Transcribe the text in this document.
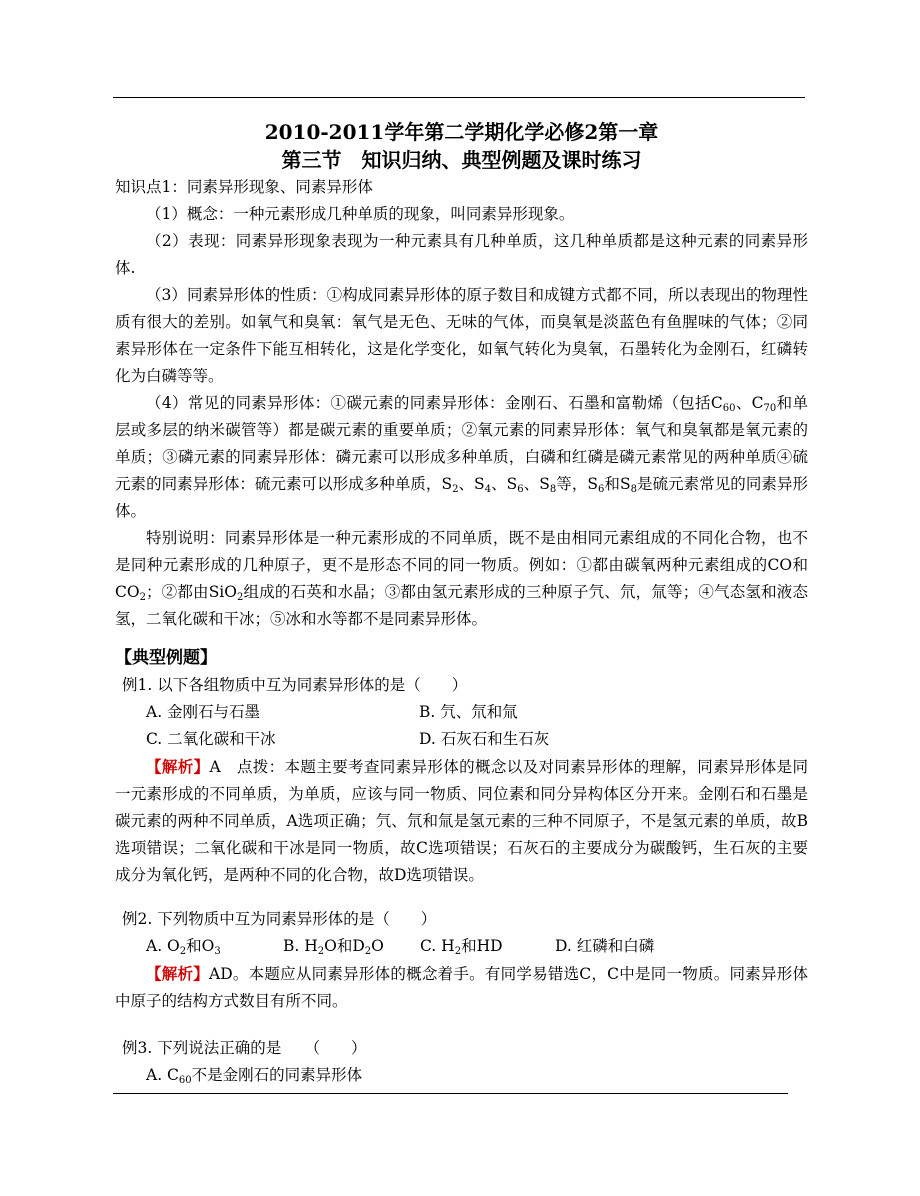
2010-2011学年第二学期化学必修2第一章
第三节　知识归纳、典型例题及课时练习
知识点1：同素异形现象、同素异形体

（1）概念：一种元素形成几种单质的现象，叫同素异形现象。

（2）表现：同素异形现象表现为一种元素具有几种单质，这几种单质都是这种元素的同素异形体.

（3）同素异形体的性质：①构成同素异形体的原子数目和成键方式都不同，所以表现出的物理性质有很大的差别。如氧气和臭氧：氧气是无色、无味的气体，而臭氧是淡蓝色有鱼腥味的气体；②同素异形体在一定条件下能互相转化，这是化学变化，如氧气转化为臭氧，石墨转化为金刚石，红磷转化为白磷等等。

（4）常见的同素异形体：①碳元素的同素异形体：金刚石、石墨和富勒烯（包括$C_{60}$、$C_{70}$和单层或多层的纳米碳管等）都是碳元素的重要单质；②氧元素的同素异形体：氧气和臭氧都是氧元素的单质；③磷元素的同素异形体：磷元素可以形成多种单质，白磷和红磷是磷元素常见的两种单质④硫元素的同素异形体：硫元素可以形成多种单质，$S_2$、$S_4$、$S_6$、$S_8$等，$S_6$和$S_8$是硫元素常见的同素异形体。

特别说明：同素异形体是一种元素形成的不同单质，既不是由相同元素组成的不同化合物，也不是同种元素形成的几种原子，更不是形态不同的同一物质。例如：①都由碳氧两种元素组成的CO和$CO_2$；②都由SiO$_2$组成的石英和水晶；③都由氢元素形成的三种原子氕、氘，氚等；④气态氢和液态氢，二氧化碳和干冰；⑤冰和水等都不是同素异形体。

【典型例题】
例1. 以下各组物质中互为同素异形体的是（　　）
A. 金刚石与石墨	B. 氕、氘和氚
C. 二氧化碳和干冰	D. 石灰石和生石灰

【解析】A　点拨：本题主要考查同素异形体的概念以及对同素异形体的理解，同素异形体是同一元素形成的不同单质，为单质，应该与同一物质、同位素和同分异构体区分开来。金刚石和石墨是碳元素的两种不同单质，A选项正确；氕、氘和氚是氢元素的三种不同原子，不是氢元素的单质，故B选项错误；二氧化碳和干冰是同一物质，故C选项错误；石灰石的主要成分为碳酸钙，生石灰的主要成分为氧化钙，是两种不同的化合物，故D选项错误。

例2. 下列物质中互为同素异形体的是（　　）
A. $O_2$和$O_3$	B. $H_2O$和$D_2O$ C. $H_2$和HD	D. 红磷和白磷

【解析】AD。本题应从同素异形体的概念着手。有同学易错选C，C中是同一物质。同素异形体中原子的结构方式数目有所不同。

例3. 下列说法正确的是　　（　　）
A. $C_{60}$不是金刚石的同素异形体
